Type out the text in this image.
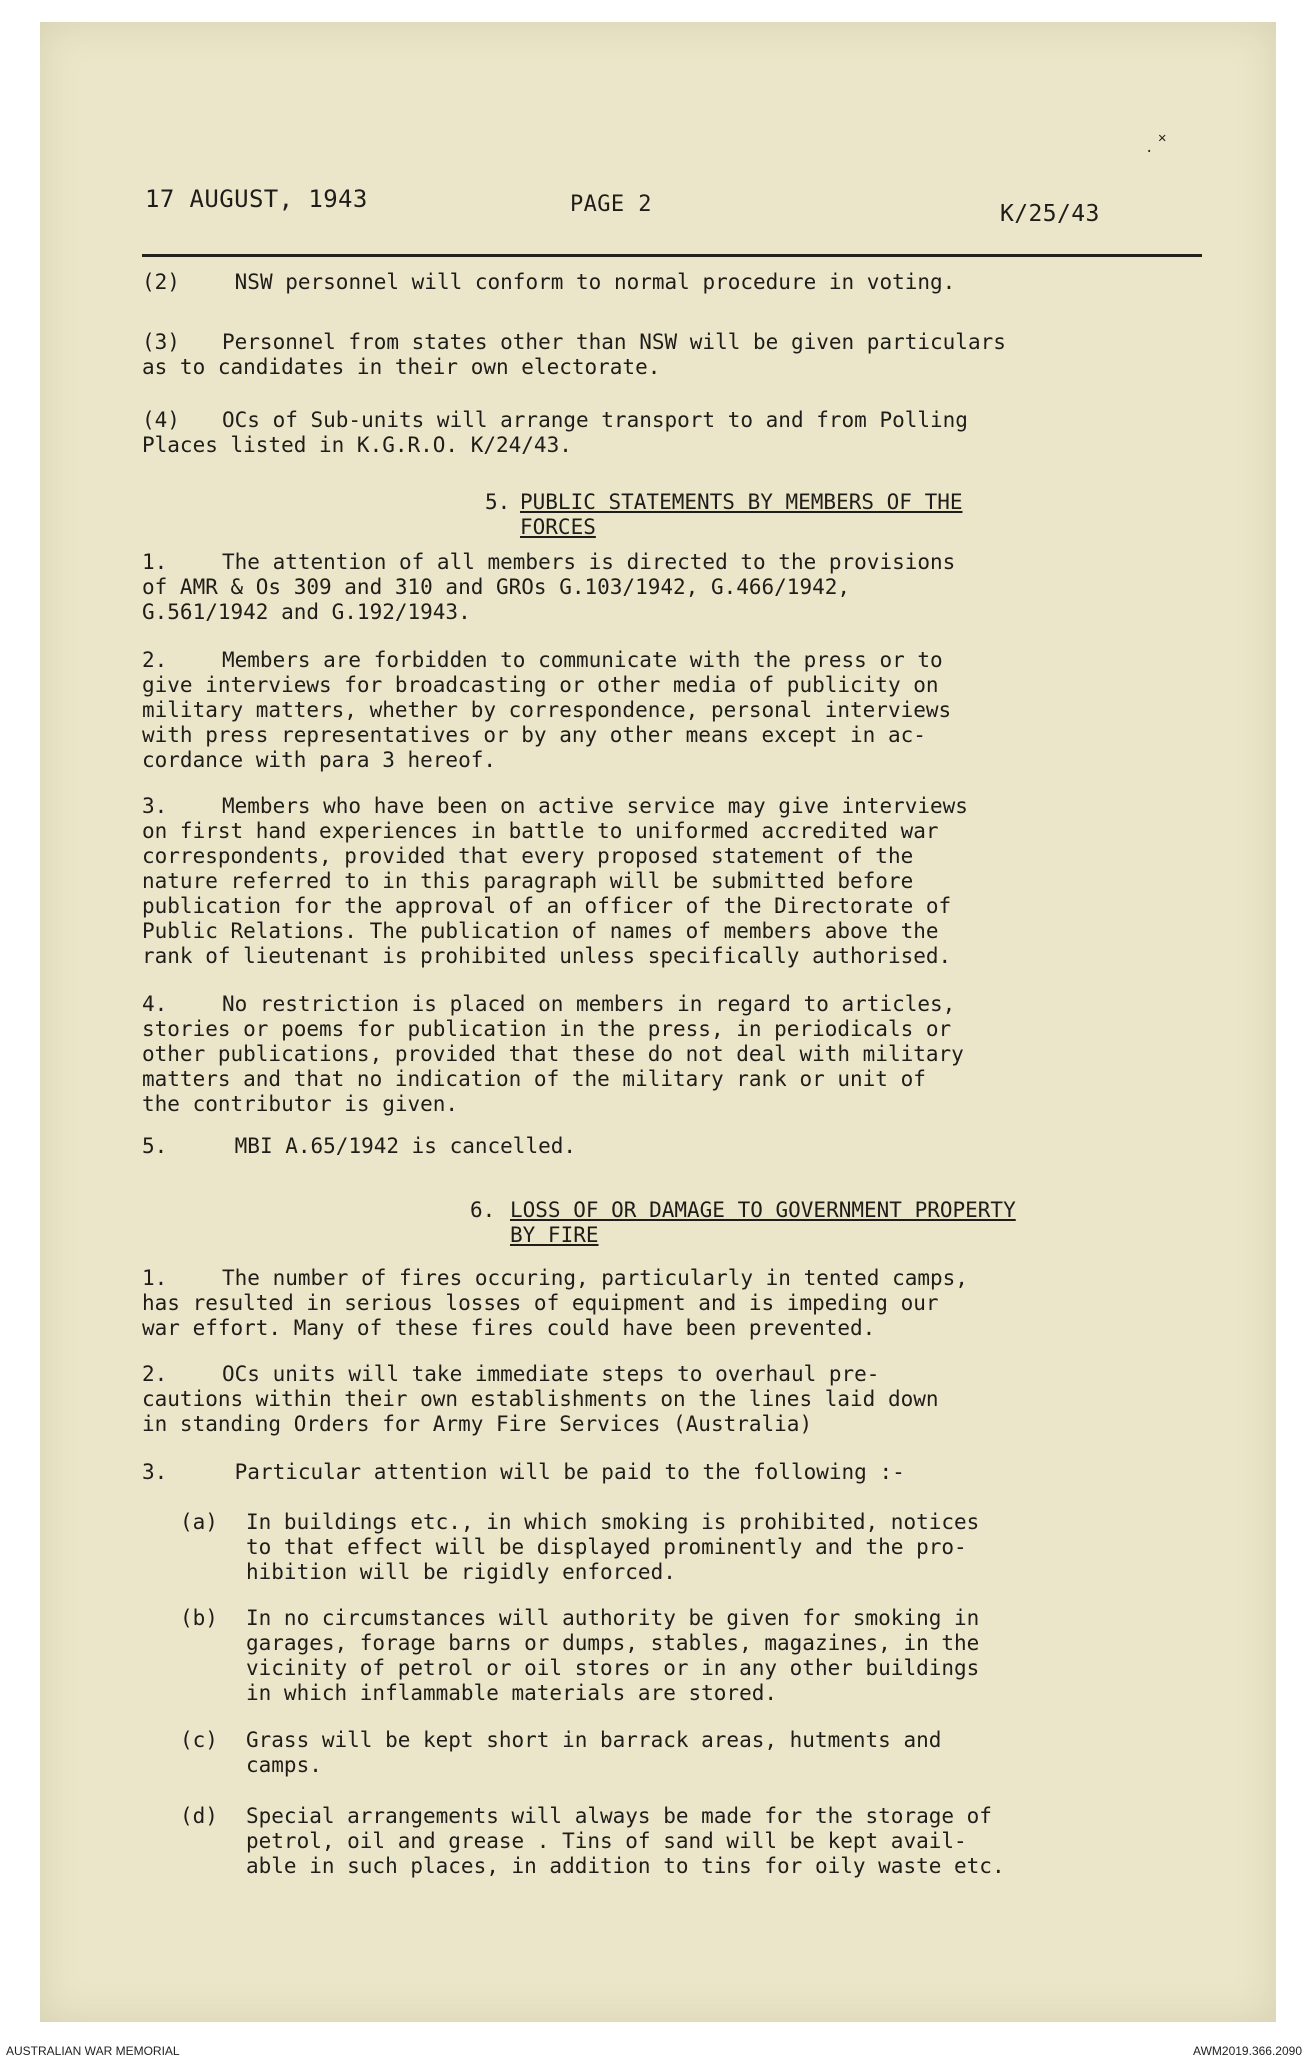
17 AUGUST, 1943	PAGE 2	K/25/43
(2)	NSW personnel will conform to normal procedure in voting.
(3) Personnel from states other than NSW will be given particulars
as to candidates in their own electorate.
(4) OCs of Sub-units will arrange transport to and from Polling
Places listed in K.G.R.O. K/24/43.
5. PUBLIC STATEMENTS BY MEMBERS OF THE
FORCES
1.	The attention of all members is directed to the provisions
of AMR & Os 309 and 310 and GROs G.103/1942, G.466/1942,
G.561/1942 and G.192/1943.
2.	Members are forbidden to communicate with the press or to
give interviews for broadcasting or other media of publicity on
military matters, whether by correspondence, personal interviews
with press representatives or by any other means except in ac-
cordance with para 3 hereof.
3.	Members who have been on active service may give interviews
on first hand experiences in battle to uniformed accredited war
correspondents, provided that every proposed statement of the
nature referred to in this paragraph will be submitted before
publication for the approval of an officer of the Directorate of
Public Relations. The publication of names of members above the
rank of lieutenant is prohibited unless specifically authorised.
4.	No restriction is placed on members in regard to articles,
stories or poems for publication in the press, in periodicals or
other publications, provided that these do not deal with military
matters and that no indication of the military rank or unit of
the contributor is given.
5.	MBI A.65/1942 is cancelled.
6. LOSS OF OR DAMAGE TO GOVERNMENT PROPERTY
BY FIRE
1.	The number of fires occuring, particularly in tented camps,
has resulted in serious losses of equipment and is impeding our
war effort. Many of these fires could have been prevented.
2.	OCs units will take immediate steps to overhaul pre-
cautions within their own establishments on the lines laid down
in standing Orders for Army Fire Services (Australia)
3.	Particular attention will be paid to the following :-
(a) In buildings etc., in which smoking is prohibited, notices
to that effect will be displayed prominently and the pro-
hibition will be rigidly enforced.
(b) In no circumstances will authority be given for smoking in
garages, forage barns or dumps, stables, magazines, in the
vicinity of petrol or oil stores or in any other buildings
in which inflammable materials are stored.
(c) Grass will be kept short in barrack areas, hutments and
camps.
(d) Special arrangements will always be made for the storage of
petrol, oil and grease . Tins of sand will be kept avail-
able in such places, in addition to tins for oily waste etc.
✕
·
AUSTRALIAN WAR MEMORIAL	AWM2019.366.2090
